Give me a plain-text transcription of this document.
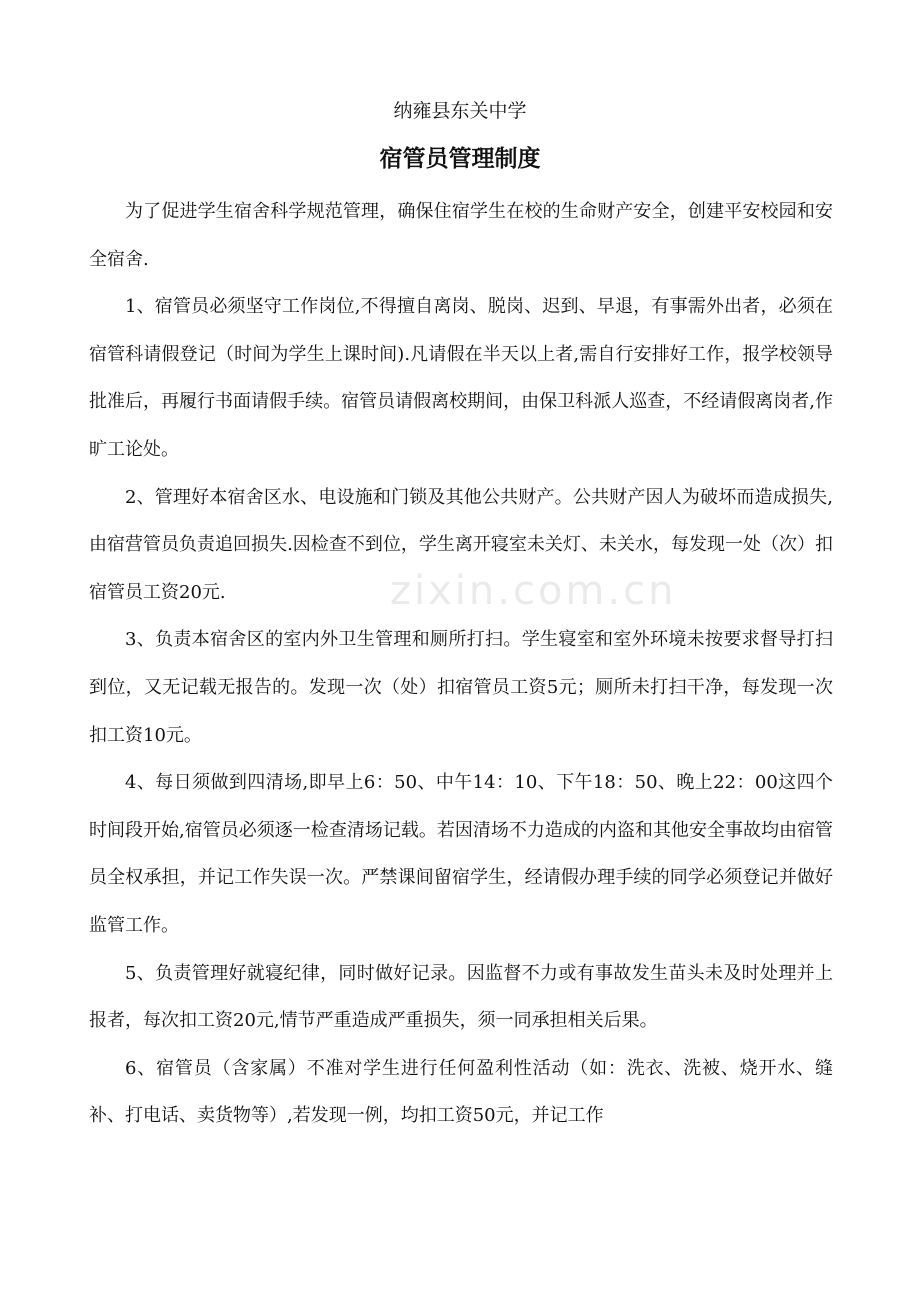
纳雍县东关中学
宿管员管理制度

为了促进学生宿舍科学规范管理，确保住宿学生在校的生命财产安全，创建平安校园和安全宿舍.

1、宿管员必须坚守工作岗位,不得擅自离岗、脱岗、迟到、早退，有事需外出者，必须在宿管科请假登记（时间为学生上课时间).凡请假在半天以上者,需自行安排好工作，报学校领导批准后，再履行书面请假手续。宿管员请假离校期间，由保卫科派人巡查，不经请假离岗者,作旷工论处。

2、管理好本宿舍区水、电设施和门锁及其他公共财产。公共财产因人为破坏而造成损失,由宿营管员负责追回损失.因检查不到位，学生离开寝室未关灯、未关水，每发现一处（次）扣宿管员工资20元.

3、负责本宿舍区的室内外卫生管理和厕所打扫。学生寝室和室外环境未按要求督导打扫到位，又无记载无报告的。发现一次（处）扣宿管员工资5元；厕所未打扫干净，每发现一次扣工资10元。

4、每日须做到四清场,即早上6：50、中午14：10、下午18：50、晚上22：00这四个时间段开始,宿管员必须逐一检查清场记载。若因清场不力造成的内盗和其他安全事故均由宿管员全权承担，并记工作失误一次。严禁课间留宿学生，经请假办理手续的同学必须登记并做好监管工作。

5、负责管理好就寝纪律，同时做好记录。因监督不力或有事故发生苗头未及时处理并上报者，每次扣工资20元,情节严重造成严重损失，须一同承担相关后果。

6、宿管员（含家属）不准对学生进行任何盈利性活动（如：洗衣、洗被、烧开水、缝补、打电话、卖货物等）,若发现一例，均扣工资50元，并记工作

zixin.com.cn
